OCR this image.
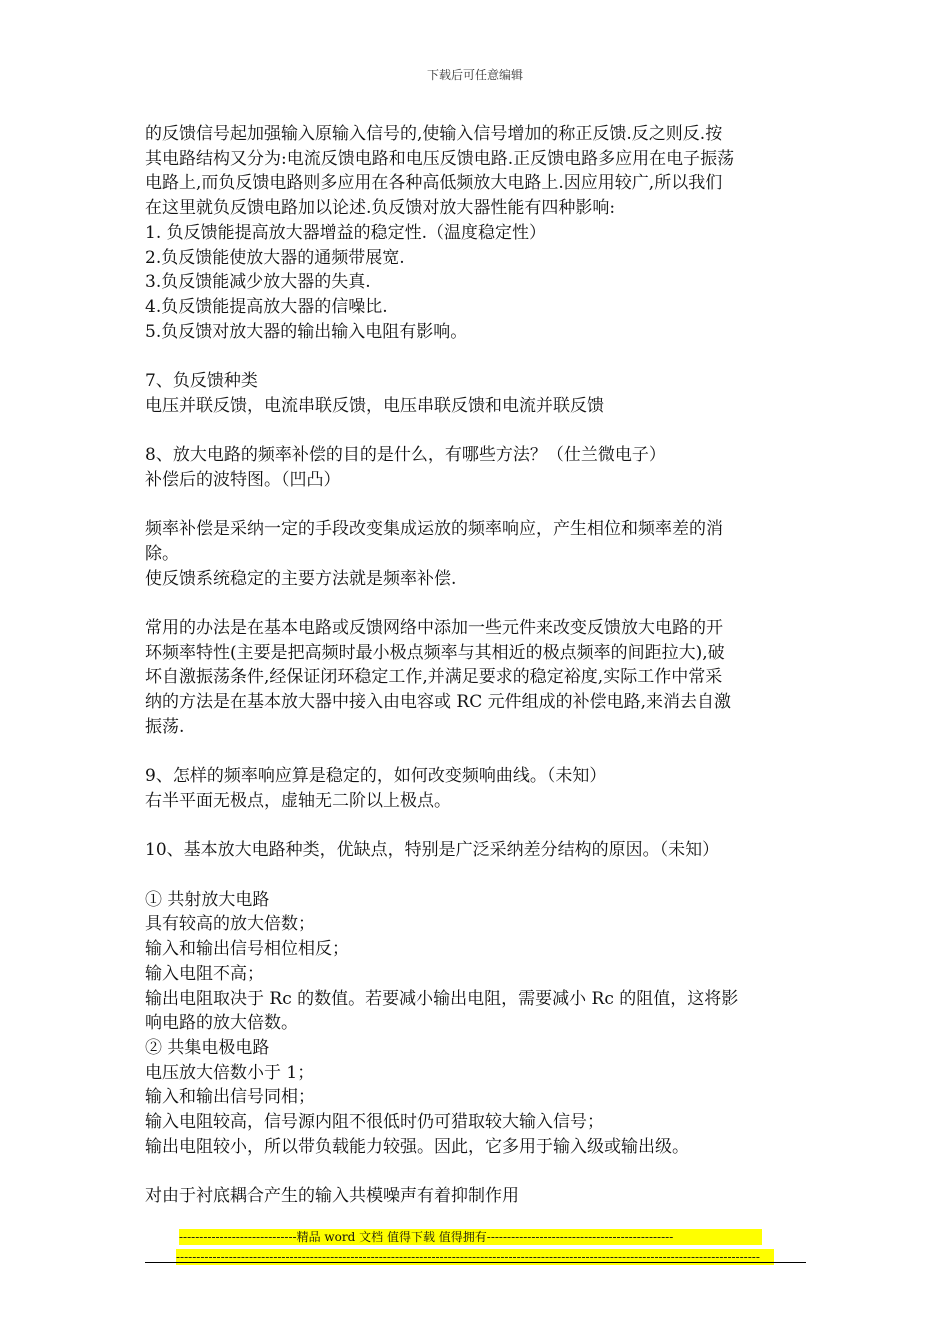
下载后可任意编辑
的反馈信号起加强输入原输入信号的,使输入信号增加的称正反馈.反之则反.按
其电路结构又分为:电流反馈电路和电压反馈电路.正反馈电路多应用在电子振荡
电路上,而负反馈电路则多应用在各种高低频放大电路上.因应用较广,所以我们
在这里就负反馈电路加以论述.负反馈对放大器性能有四种影响:
1. 负反馈能提高放大器增益的稳定性.（温度稳定性）
2.负反馈能使放大器的通频带展宽.
3.负反馈能减少放大器的失真.
4.负反馈能提高放大器的信噪比.
5.负反馈对放大器的输出输入电阻有影响。
7、负反馈种类
电压并联反馈，电流串联反馈，电压串联反馈和电流并联反馈
8、放大电路的频率补偿的目的是什么，有哪些方法？（仕兰微电子）
补偿后的波特图。（凹凸）
频率补偿是采纳一定的手段改变集成运放的频率响应，产生相位和频率差的消
除。
使反馈系统稳定的主要方法就是频率补偿.
常用的办法是在基本电路或反馈网络中添加一些元件来改变反馈放大电路的开
环频率特性(主要是把高频时最小极点频率与其相近的极点频率的间距拉大),破
坏自激振荡条件,经保证闭环稳定工作,并满足要求的稳定裕度,实际工作中常采
纳的方法是在基本放大器中接入由电容或 RC 元件组成的补偿电路,来消去自激
振荡.
9、怎样的频率响应算是稳定的，如何改变频响曲线。（未知）
右半平面无极点，虚轴无二阶以上极点。
10、基本放大电路种类，优缺点，特别是广泛采纳差分结构的原因。（未知）
① 共射放大电路
具有较高的放大倍数；
输入和输出信号相位相反；
输入电阻不高；
输出电阻取决于 Rc 的数值。若要减小输出电阻，需要减小 Rc 的阻值，这将影
响电路的放大倍数。
② 共集电极电路
电压放大倍数小于 1；
输入和输出信号同相；
输入电阻较高，信号源内阻不很低时仍可猎取较大输入信号；
输出电阻较小，所以带负载能力较强。因此，它多用于输入级或输出级。
对由于衬底耦合产生的输入共模噪声有着抑制作用
-----------------------------精品 word 文档 值得下载 值得拥有----------------------------------------------
------------------------------------------------------------------------------------------------------------------------------------------------
